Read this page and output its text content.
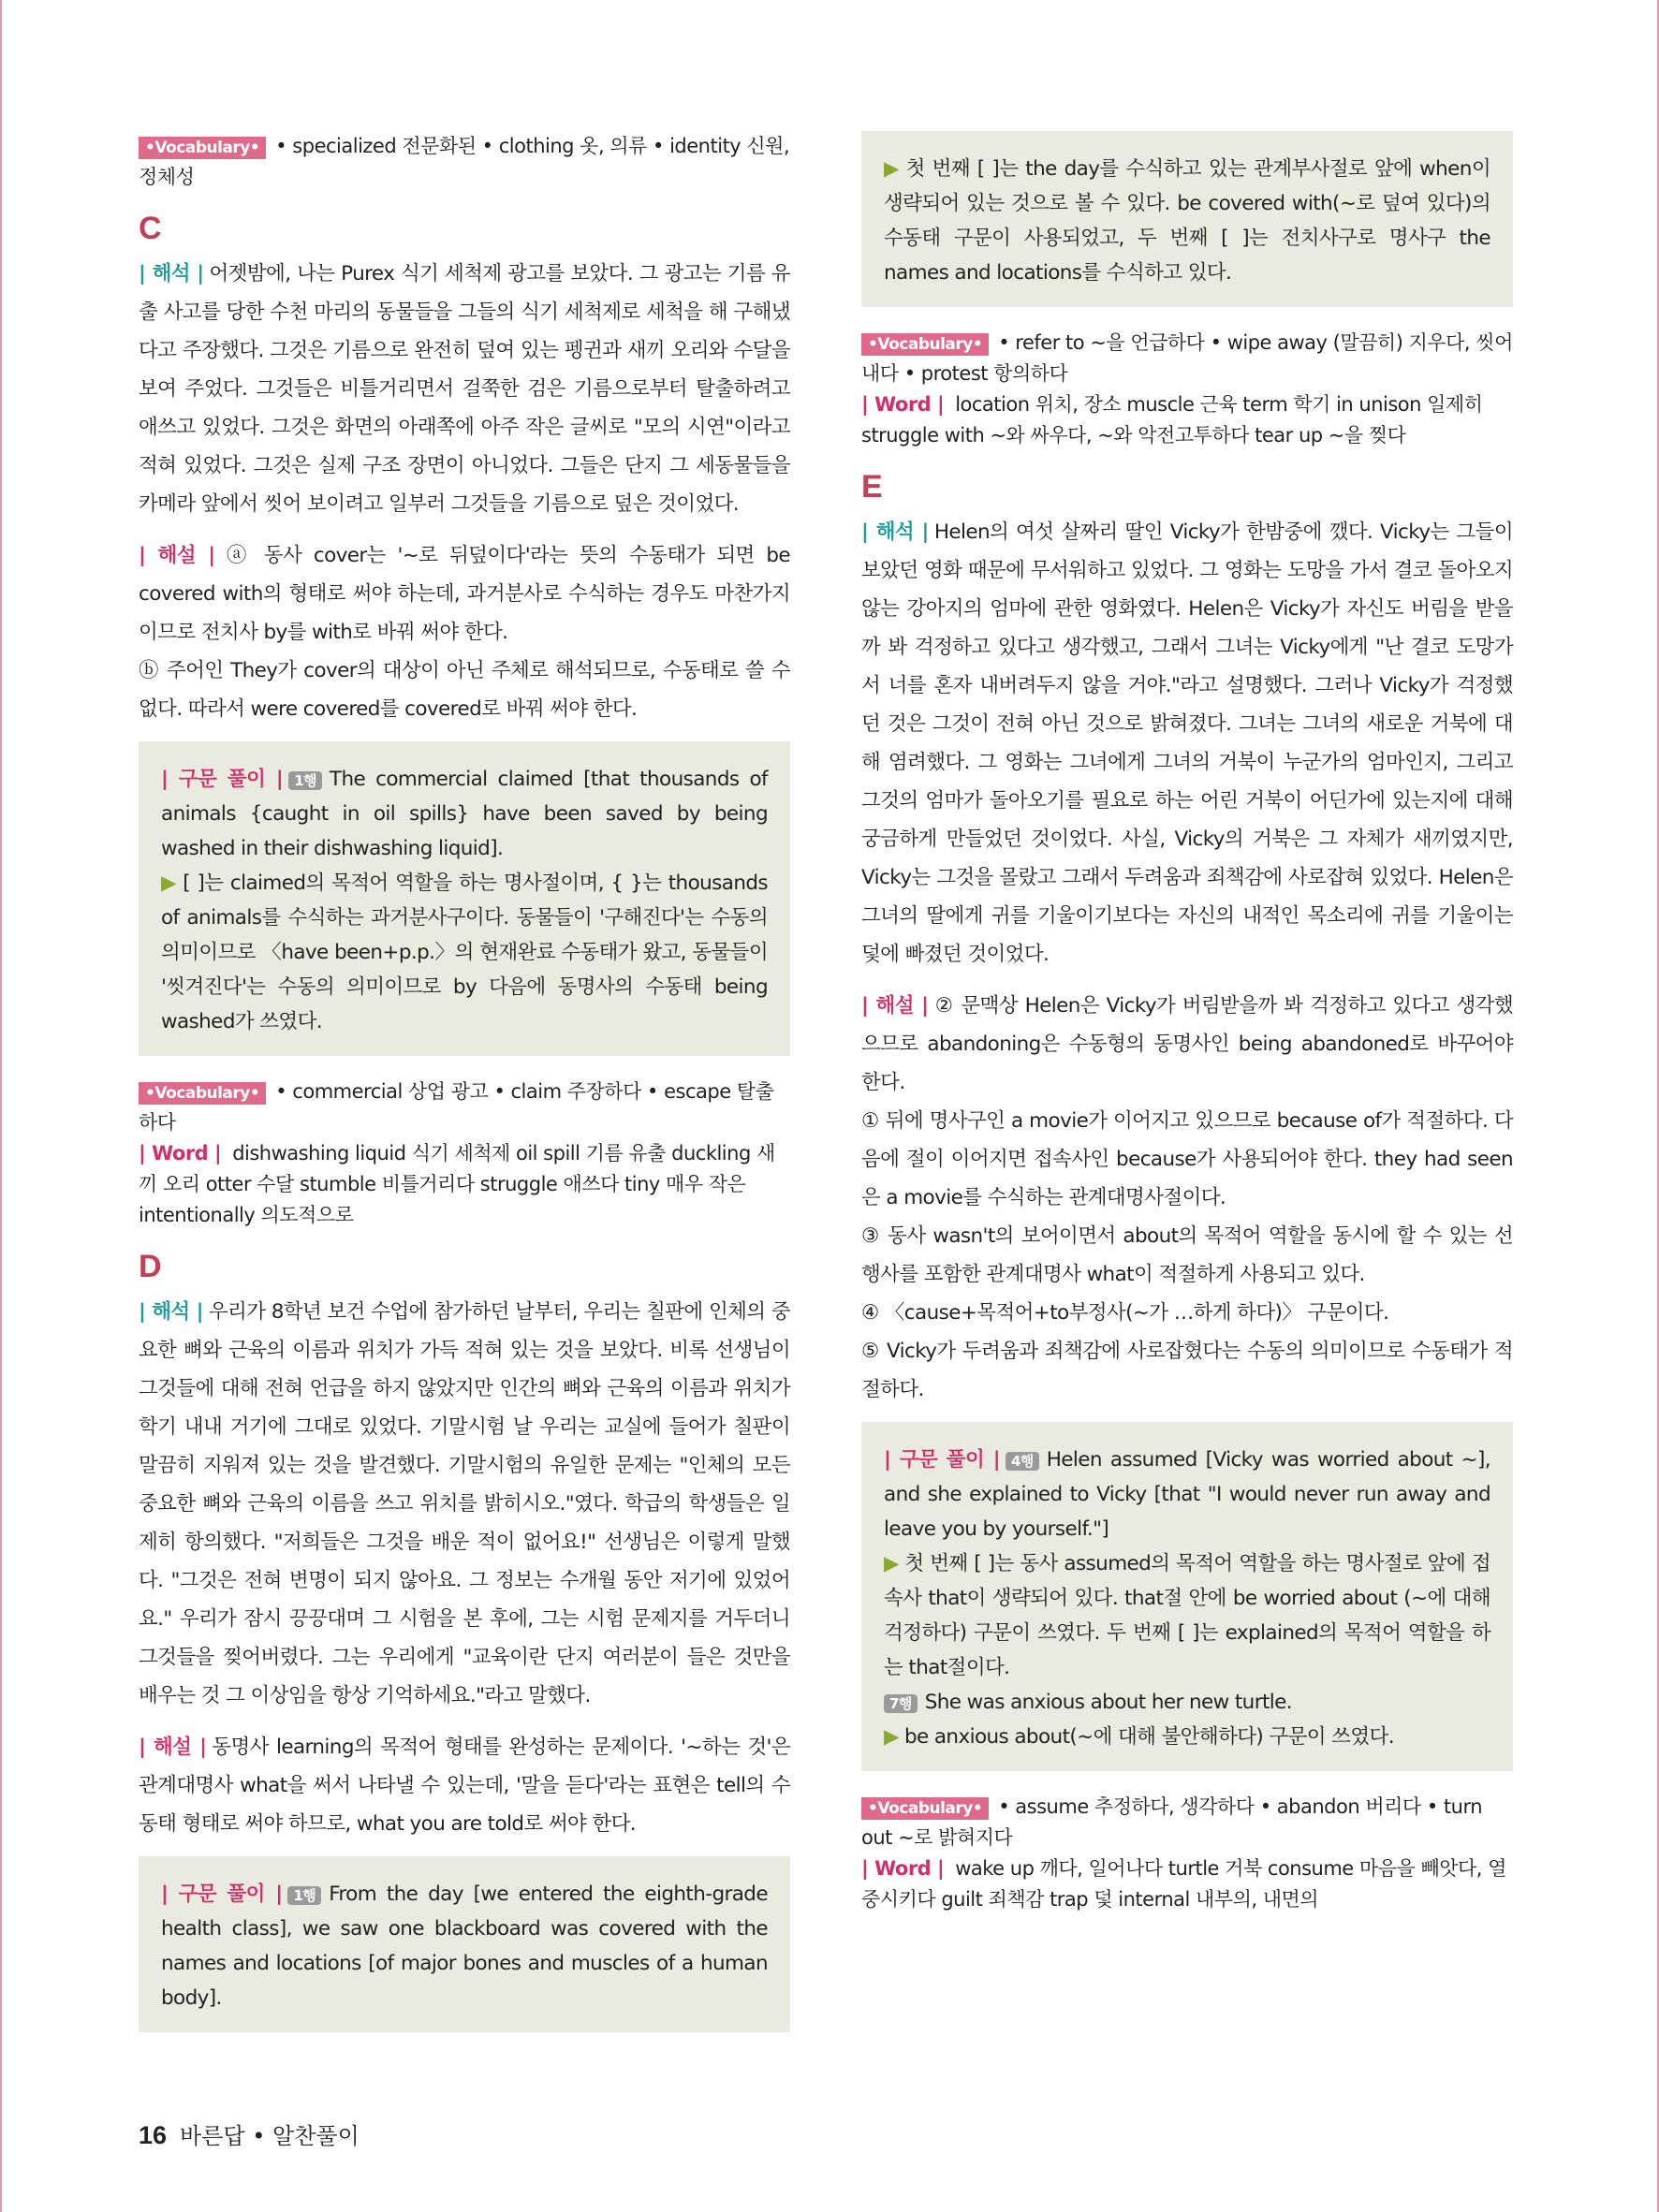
•Vocabulary• • specialized 전문화된 • clothing 옷, 의류 • identity 신원, 정체성

C

| 해석 | 어젯밤에, 나는 Purex 식기 세척제 광고를 보았다. 그 광고는 기름 유출 사고를 당한 수천 마리의 동물들을 그들의 식기 세척제로 세척을 해 구해냈다고 주장했다. 그것은 기름으로 완전히 덮여 있는 펭귄과 새끼 오리와 수달을 보여 주었다. 그것들은 비틀거리면서 걸쭉한 검은 기름으로부터 탈출하려고 애쓰고 있었다. 그것은 화면의 아래쪽에 아주 작은 글씨로 "모의 시연"이라고 적혀 있었다. 그것은 실제 구조 장면이 아니었다. 그들은 단지 그 세동물들을 카메라 앞에서 씻어 보이려고 일부러 그것들을 기름으로 덮은 것이었다.

| 해설 | ⓐ 동사 cover는 '~로 뒤덮이다'라는 뜻의 수동태가 되면 be covered with의 형태로 써야 하는데, 과거분사로 수식하는 경우도 마찬가지이므로 전치사 by를 with로 바꿔 써야 한다.

ⓑ 주어인 They가 cover의 대상이 아닌 주체로 해석되므로, 수동태로 쓸 수 없다. 따라서 were covered를 covered로 바꿔 써야 한다.

| 구문 풀이 | 1행 The commercial claimed [that thousands of animals {caught in oil spills} have been saved by being washed in their dishwashing liquid].

▶ [ ]는 claimed의 목적어 역할을 하는 명사절이며, { }는 thousands of animals를 수식하는 과거분사구이다. 동물들이 '구해진다'는 수동의 의미이므로 〈have been+p.p.〉의 현재완료 수동태가 왔고, 동물들이 '씻겨진다'는 수동의 의미이므로 by 다음에 동명사의 수동태 being washed가 쓰였다.

•Vocabulary• • commercial 상업 광고 • claim 주장하다 • escape 탈출하다

| Word | dishwashing liquid 식기 세척제 oil spill 기름 유출 duckling 새끼 오리 otter 수달 stumble 비틀거리다 struggle 애쓰다 tiny 매우 작은 intentionally 의도적으로

D

| 해석 | 우리가 8학년 보건 수업에 참가하던 날부터, 우리는 칠판에 인체의 중요한 뼈와 근육의 이름과 위치가 가득 적혀 있는 것을 보았다. 비록 선생님이 그것들에 대해 전혀 언급을 하지 않았지만 인간의 뼈와 근육의 이름과 위치가 학기 내내 거기에 그대로 있었다. 기말시험 날 우리는 교실에 들어가 칠판이 말끔히 지워져 있는 것을 발견했다. 기말시험의 유일한 문제는 "인체의 모든 중요한 뼈와 근육의 이름을 쓰고 위치를 밝히시오."였다. 학급의 학생들은 일제히 항의했다. "저희들은 그것을 배운 적이 없어요!" 선생님은 이렇게 말했다. "그것은 전혀 변명이 되지 않아요. 그 정보는 수개월 동안 저기에 있었어요." 우리가 잠시 끙끙대며 그 시험을 본 후에, 그는 시험 문제지를 거두더니 그것들을 찢어버렸다. 그는 우리에게 "교육이란 단지 여러분이 들은 것만을 배우는 것 그 이상임을 항상 기억하세요."라고 말했다.

| 해설 | 동명사 learning의 목적어 형태를 완성하는 문제이다. '~하는 것'은 관계대명사 what을 써서 나타낼 수 있는데, '말을 듣다'라는 표현은 tell의 수동태 형태로 써야 하므로, what you are told로 써야 한다.

| 구문 풀이 | 1행 From the day [we entered the eighth-grade health class], we saw one blackboard was covered with the names and locations [of major bones and muscles of a human body].

▶ 첫 번째 [ ]는 the day를 수식하고 있는 관계부사절로 앞에 when이 생략되어 있는 것으로 볼 수 있다. be covered with(~로 덮여 있다)의 수동태 구문이 사용되었고, 두 번째 [ ]는 전치사구로 명사구 the names and locations를 수식하고 있다.

•Vocabulary• • refer to ~을 언급하다 • wipe away (말끔히) 지우다, 씻어내다 • protest 항의하다

| Word | location 위치, 장소 muscle 근육 term 학기 in unison 일제히 struggle with ~와 싸우다, ~와 악전고투하다 tear up ~을 찢다

E

| 해석 | Helen의 여섯 살짜리 딸인 Vicky가 한밤중에 깼다. Vicky는 그들이 보았던 영화 때문에 무서워하고 있었다. 그 영화는 도망을 가서 결코 돌아오지 않는 강아지의 엄마에 관한 영화였다. Helen은 Vicky가 자신도 버림을 받을까 봐 걱정하고 있다고 생각했고, 그래서 그녀는 Vicky에게 "난 결코 도망가서 너를 혼자 내버려두지 않을 거야."라고 설명했다. 그러나 Vicky가 걱정했던 것은 그것이 전혀 아닌 것으로 밝혀졌다. 그녀는 그녀의 새로운 거북에 대해 염려했다. 그 영화는 그녀에게 그녀의 거북이 누군가의 엄마인지, 그리고 그것의 엄마가 돌아오기를 필요로 하는 어린 거북이 어딘가에 있는지에 대해 궁금하게 만들었던 것이었다. 사실, Vicky의 거북은 그 자체가 새끼였지만, Vicky는 그것을 몰랐고 그래서 두려움과 죄책감에 사로잡혀 있었다. Helen은 그녀의 딸에게 귀를 기울이기보다는 자신의 내적인 목소리에 귀를 기울이는 덫에 빠졌던 것이었다.

| 해설 | ② 문맥상 Helen은 Vicky가 버림받을까 봐 걱정하고 있다고 생각했으므로 abandoning은 수동형의 동명사인 being abandoned로 바꾸어야 한다.

① 뒤에 명사구인 a movie가 이어지고 있으므로 because of가 적절하다. 다음에 절이 이어지면 접속사인 because가 사용되어야 한다. they had seen은 a movie를 수식하는 관계대명사절이다.

③ 동사 wasn't의 보어이면서 about의 목적어 역할을 동시에 할 수 있는 선행사를 포함한 관계대명사 what이 적절하게 사용되고 있다.

④ 〈cause+목적어+to부정사(~가 …하게 하다)〉 구문이다.

⑤ Vicky가 두려움과 죄책감에 사로잡혔다는 수동의 의미이므로 수동태가 적절하다.

| 구문 풀이 | 4행 Helen assumed [Vicky was worried about ~], and she explained to Vicky [that "I would never run away and leave you by yourself."]

▶ 첫 번째 [ ]는 동사 assumed의 목적어 역할을 하는 명사절로 앞에 접속사 that이 생략되어 있다. that절 안에 be worried about (~에 대해 걱정하다) 구문이 쓰였다. 두 번째 [ ]는 explained의 목적어 역할을 하는 that절이다.

7행 She was anxious about her new turtle.

▶ be anxious about(~에 대해 불안해하다) 구문이 쓰였다.

•Vocabulary• • assume 추정하다, 생각하다 • abandon 버리다 • turn out ~로 밝혀지다

| Word | wake up 깨다, 일어나다 turtle 거북 consume 마음을 빼앗다, 열중시키다 guilt 죄책감 trap 덫 internal 내부의, 내면의

16 바른답 • 알찬풀이
